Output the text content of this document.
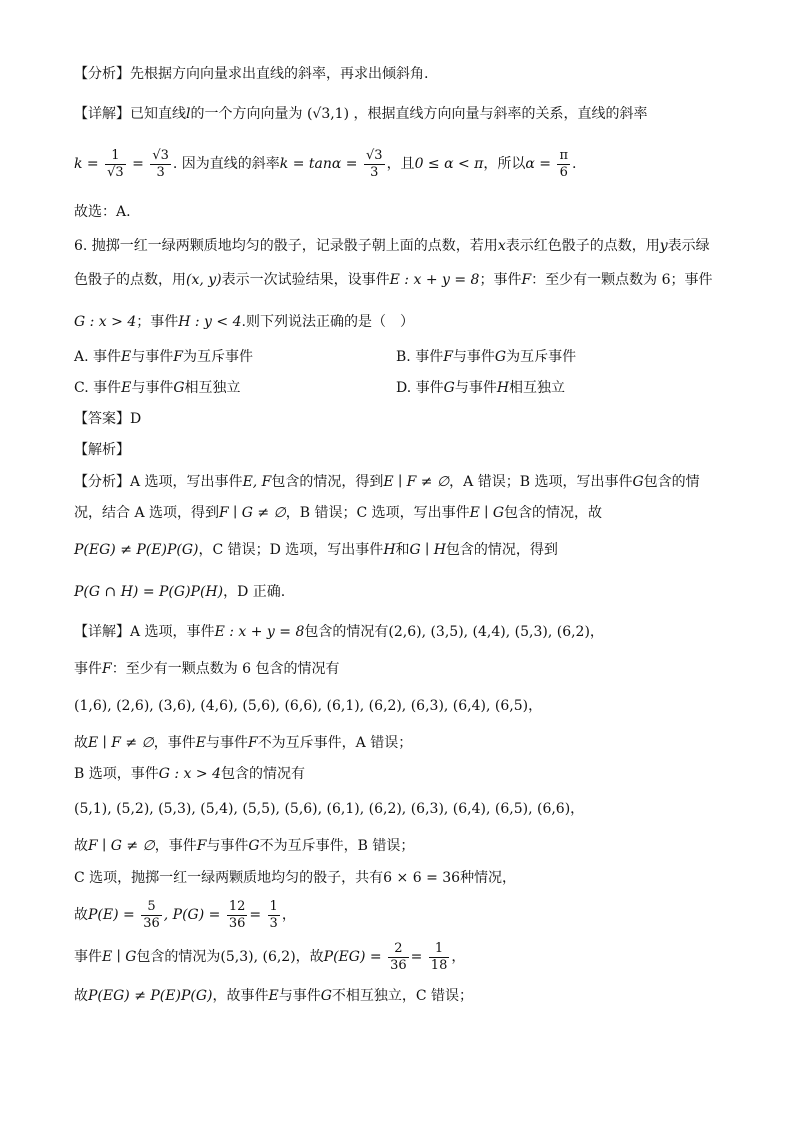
【分析】先根据方向向量求出直线的斜率，再求出倾斜角.
【详解】已知直线l的一个方向向量为 (√3,1) ，根据直线方向向量与斜率的关系，直线的斜率
$k = \frac{1}{√3} = \frac{√3}{3}$ . 因为直线的斜率$k = \tan\alpha = \frac{√3}{3}$ ，且0 ≤ α < π，所以$\alpha = \frac{\pi}{6}$ .
故选：A.
6. 抛掷一红一绿两颗质地均匀的骰子，记录骰子朝上面的点数，若用x表示红色骰子的点数，用y表示绿
色骰子的点数，用(x, y)表示一次试验结果，设事件E : x + y = 8；事件F：至少有一颗点数为 6；事件
G : x > 4；事件H : y < 4.则下列说法正确的是（　）
A. 事件E与事件F为互斥事件	B. 事件F与事件G为互斥事件
C. 事件E与事件G相互独立	D. 事件G与事件H相互独立
【答案】D
【解析】
【分析】A 选项，写出事件E, F包含的情况，得到E ∣ F ≠ ∅，A 错误；B 选项，写出事件G包含的情
况，结合 A 选项，得到F ∣ G ≠ ∅，B 错误；C 选项，写出事件E ∣ G包含的情况，故
P(EG) ≠ P(E)P(G)，C 错误；D 选项，写出事件H和G ∣ H包含的情况，得到
P(G ∩ H) = P(G)P(H)，D 正确.
【详解】A 选项，事件E : x + y = 8包含的情况有(2,6), (3,5), (4,4), (5,3), (6,2)，
事件F：至少有一颗点数为 6 包含的情况有
(1,6), (2,6), (3,6), (4,6), (5,6), (6,6), (6,1), (6,2), (6,3), (6,4), (6,5)，
故E ∣ F ≠ ∅，事件E与事件F不为互斥事件，A 错误；
B 选项，事件G : x > 4包含的情况有
(5,1), (5,2), (5,3), (5,4), (5,5), (5,6), (6,1), (6,2), (6,3), (6,4), (6,5), (6,6)，
故F ∣ G ≠ ∅，事件F与事件G不为互斥事件，B 错误；
C 选项，抛掷一红一绿两颗质地均匀的骰子，共有6 × 6 = 36种情况，
故$P(E) = \frac{5}{36}$ , $P(G) = \frac{12}{36} = \frac{1}{3}$ ，
事件E ∣ G包含的情况为(5,3), (6,2)，故$P(EG) = \frac{2}{36} = \frac{1}{18}$ ，
故P(EG) ≠ P(E)P(G)，故事件E与事件G不相互独立，C 错误；
